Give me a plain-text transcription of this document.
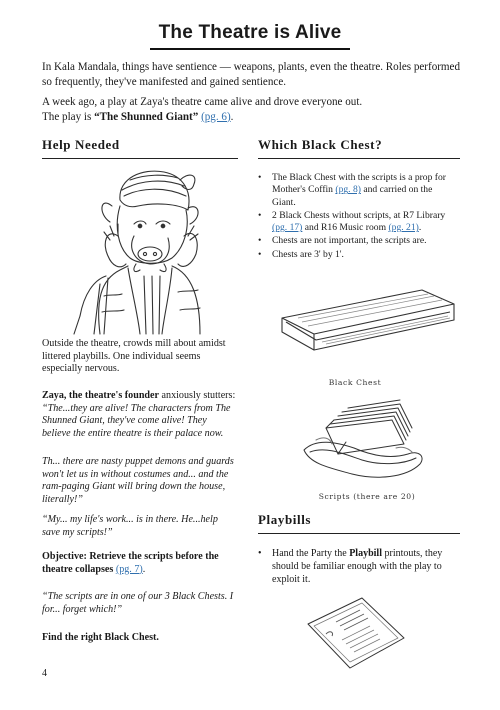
The Theatre is Alive

In Kala Mandala, things have sentience — weapons, plants, even the theatre. Roles performed so frequently, they've manifested and gained sentience.

A week ago, a play at Zaya's theatre came alive and drove everyone out.
The play is “The Shunned Giant” (pg. 6).

Help Needed	Which Black Chest?

Outside the theatre, crowds mill about amidst littered playbills. One individual seems especially nervous.

Zaya, the theatre's founder anxiously stutters:

“The...they are alive! The characters from The Shunned Giant, they've come alive! They believe the entire theatre is their palace now.

Th... there are nasty puppet demons and guards won't let us in without costumes and... and the ram-paging Giant will bring down the house, literally!”
“My... my life's work... is in there. He...help save my scripts!”
Objective: Retrieve the scripts before the theatre collapses (pg. 7).
“The scripts are in one of our 3 Black Chests. I for... forget which!”
Find the right Black Chest.
• The Black Chest with the scripts is a prop for Mother's Coffin (pg. 8) and carried on the Giant.
• 2 Black Chests without scripts, at R7 Library (pg. 17) and R16 Music room (pg. 21).
• Chests are not important, the scripts are.
• Chests are 3' by 1'.
Black Chest
Scripts (there are 20)
Playbills
• Hand the Party the Playbill printouts, they should be familiar enough with the play to exploit it.
4
